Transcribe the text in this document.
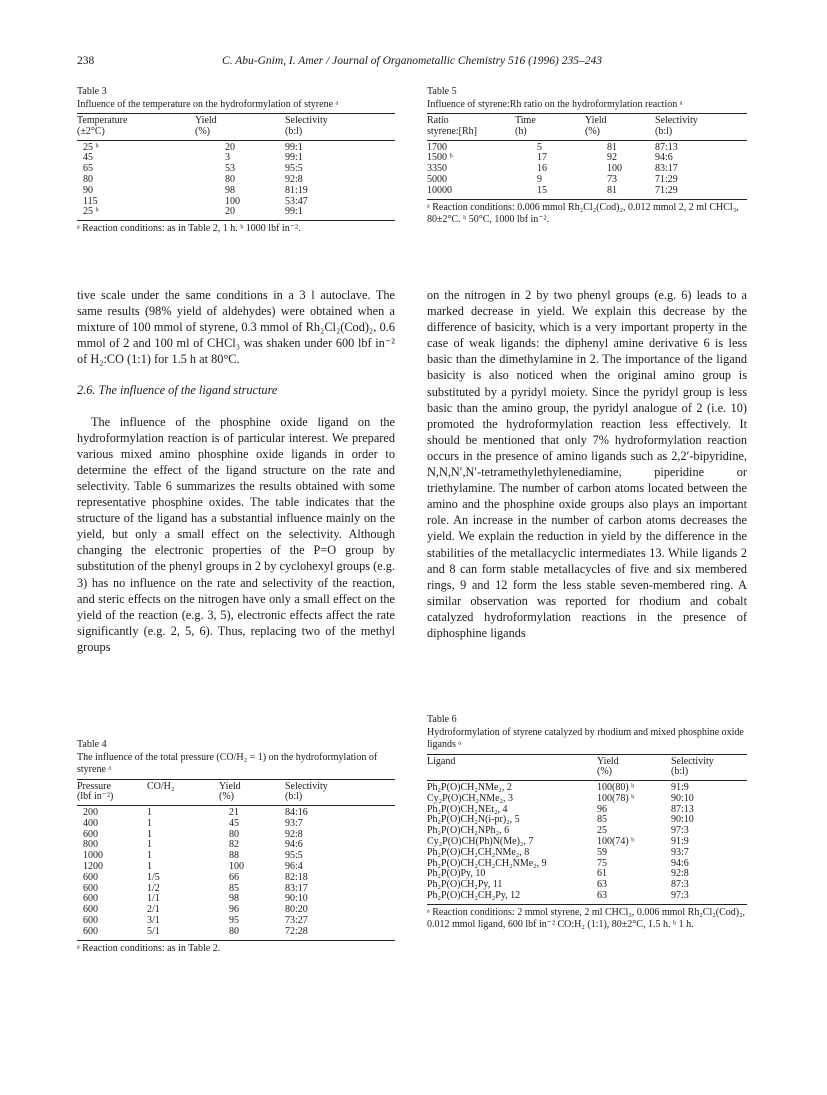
238	C. Abu-Gnim, I. Amer / Journal of Organometallic Chemistry 516 (1996) 235–243
Table 3
Influence of the temperature on the hydroformylation of styrene ᵃ
Temperature	Yield	Selectivity
(±2°C)	(%)	(b:l)
25 ᵇ	20	99:1
45	3	99:1
65	53	95:5
80	80	92:8
90	98	81:19
115	100	53:47
25 ᵇ	20	99:1
ᵃ Reaction conditions: as in Table 2, 1 h. ᵇ 1000 lbf in⁻².
Table 5
Influence of styrene:Rh ratio on the hydroformylation reaction ᵃ
Ratio	Time	Yield	Selectivity
styrene:[Rh]	(h)	(%)	(b:l)
1700	5	81	87:13
1500 ᵇ	17	92	94:6
3350	16	100	83:17
5000	9	73	71:29
10000	15	81	71:29
ᵃ Reaction conditions: 0.006 mmol Rh₂Cl₂(Cod)₂, 0.012 mmol 2, 2 ml CHCl₃, 80±2°C. ᵇ 50°C, 1000 lbf in⁻².

tive scale under the same conditions in a 3 l autoclave. The same results (98% yield of aldehydes) were obtained when a mixture of 100 mmol of styrene, 0.3 mmol of Rh₂Cl₂(Cod)₂, 0.6 mmol of 2 and 100 ml of CHCl₃ was shaken under 600 lbf in⁻² of H₂:CO (1:1) for 1.5 h at 80°C.

2.6. The influence of the ligand structure

The influence of the phosphine oxide ligand on the hydroformylation reaction is of particular interest. We prepared various mixed amino phosphine oxide ligands in order to determine the effect of the ligand structure on the rate and selectivity. Table 6 summarizes the results obtained with some representative phosphine oxides. The table indicates that the structure of the ligand has a substantial influence mainly on the yield, but only a small effect on the selectivity. Although changing the electronic properties of the P=O group by substitution of the phenyl groups in 2 by cyclohexyl groups (e.g. 3) has no influence on the rate and selectivity of the reaction, and steric effects on the nitrogen have only a small effect on the yield of the reaction (e.g. 3, 5), electronic effects affect the rate significantly (e.g. 2, 5, 6). Thus, replacing two of the methyl groups

on the nitrogen in 2 by two phenyl groups (e.g. 6) leads to a marked decrease in yield. We explain this decrease by the difference of basicity, which is a very important property in the case of weak ligands: the diphenyl amine derivative 6 is less basic than the dimethylamine in 2. The importance of the ligand basicity is also noticed when the original amino group is substituted by a pyridyl moiety. Since the pyridyl group is less basic than the amino group, the pyridyl analogue of 2 (i.e. 10) promoted the hydroformylation reaction less effectively. It should be mentioned that only 7% hydroformylation reaction occurs in the presence of amino ligands such as 2,2′-bipyridine, N,N,N′,N′-tetramethylethylenediamine, piperidine or triethylamine. The number of carbon atoms located between the amino and the phosphine oxide groups also plays an important role. An increase in the number of carbon atoms decreases the yield. We explain the reduction in yield by the difference in the stabilities of the metallacyclic intermediates 13. While ligands 2 and 8 can form stable metallacycles of five and six membered rings, 9 and 12 form the less stable seven-membered ring. A similar observation was reported for rhodium and cobalt catalyzed hydroformylation reactions in the presence of diphosphine ligands

Table 4
The influence of the total pressure (CO/H₂ = 1) on the hydroformylation of styrene ᵃ
Pressure	CO/H₂	Yield	Selectivity
(lbf in⁻²)		(%)	(b:l)
200	1	21	84:16
400	1	45	93:7
600	1	80	92:8
800	1	82	94:6
1000	1	88	95:5
1200	1	100	96:4
600	1/5	66	82:18
600	1/2	85	83:17
600	1/1	98	90:10
600	2/1	96	80:20
600	3/1	95	73:27
600	5/1	80	72:28
ᵃ Reaction conditions: as in Table 2.
Table 6
Hydroformylation of styrene catalyzed by rhodium and mixed phosphine oxide ligands ᵃ
Ligand	Yield	Selectivity
	(%)	(b:l)
Ph₂P(O)CH₂NMe₂, 2	100(80) ᵇ	91:9
Cy₂P(O)CH₂NMe₂, 3	100(78) ᵇ	90:10
Ph₂P(O)CH₂NEt₂, 4	96	87:13
Ph₂P(O)CH₂N(i-pr)₂, 5	85	90:10
Ph₂P(O)CH₂NPh₂, 6	25	97:3
Cy₂P(O)CH(Ph)N(Me)₂, 7	100(74) ᵇ	91:9
Ph₂P(O)CH₂CH₂NMe₂, 8	59	93:7
Ph₂P(O)CH₂CH₂CH₂NMe₂, 9	75	94:6
Ph₂P(O)Py, 10	61	92:8
Ph₂P(O)CH₂Py, 11	63	87:3
Ph₂P(O)CH₂CH₂Py, 12	63	97:3
ᵃ Reaction conditions: 2 mmol styrene, 2 ml CHCl₃, 0.006 mmol Rh₂Cl₂(Cod)₂, 0.012 mmol ligand, 600 lbf in⁻² CO:H₂ (1:1), 80±2°C, 1.5 h. ᵇ 1 h.
